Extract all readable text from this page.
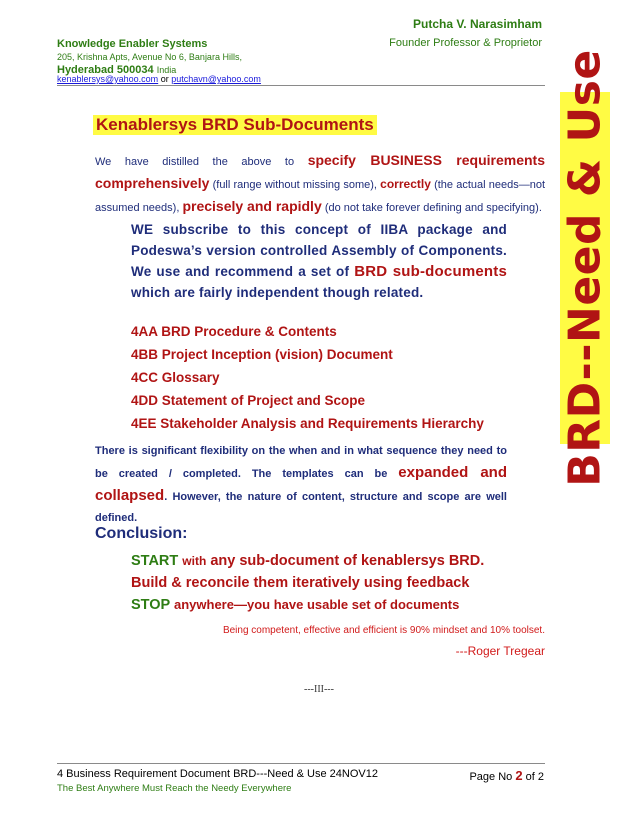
Putcha V. Narasimham
Founder Professor & Proprietor
Knowledge Enabler Systems
205, Krishna Apts, Avenue No 6, Banjara Hills,
Hyderabad 500034 India
kenablersys@yahoo.com or putchavn@yahoo.com	BRD--Need & Use
Kenablersys BRD Sub-Documents
We have distilled the above to specify BUSINESS requirements comprehensively (full range without missing some), correctly (the actual needs—not assumed needs), precisely and rapidly (do not take forever defining and specifying).
WE subscribe to this concept of IIBA package and Podeswa’s version controlled Assembly of Components. We use and recommend a set of BRD sub-documents which are fairly independent though related.

4AA BRD Procedure & Contents

4BB Project Inception (vision) Document

4CC Glossary

4DD Statement of Project and Scope

4EE Stakeholder Analysis and Requirements Hierarchy

There is significant flexibility on the when and in what sequence they need to be created / completed. The templates can be expanded and collapsed. However, the nature of content, structure and scope are well defined.
Conclusion:

START with any sub-document of kenablersys BRD.

Build & reconcile them iteratively using feedback

STOP anywhere—you have usable set of documents

Being competent, effective and efficient is 90% mindset and 10% toolset.
---Roger Tregear
---III---
4 Business Requirement Document BRD---Need & Use 24NOV12	Page No 2 of 2
The Best Anywhere Must Reach the Needy Everywhere
